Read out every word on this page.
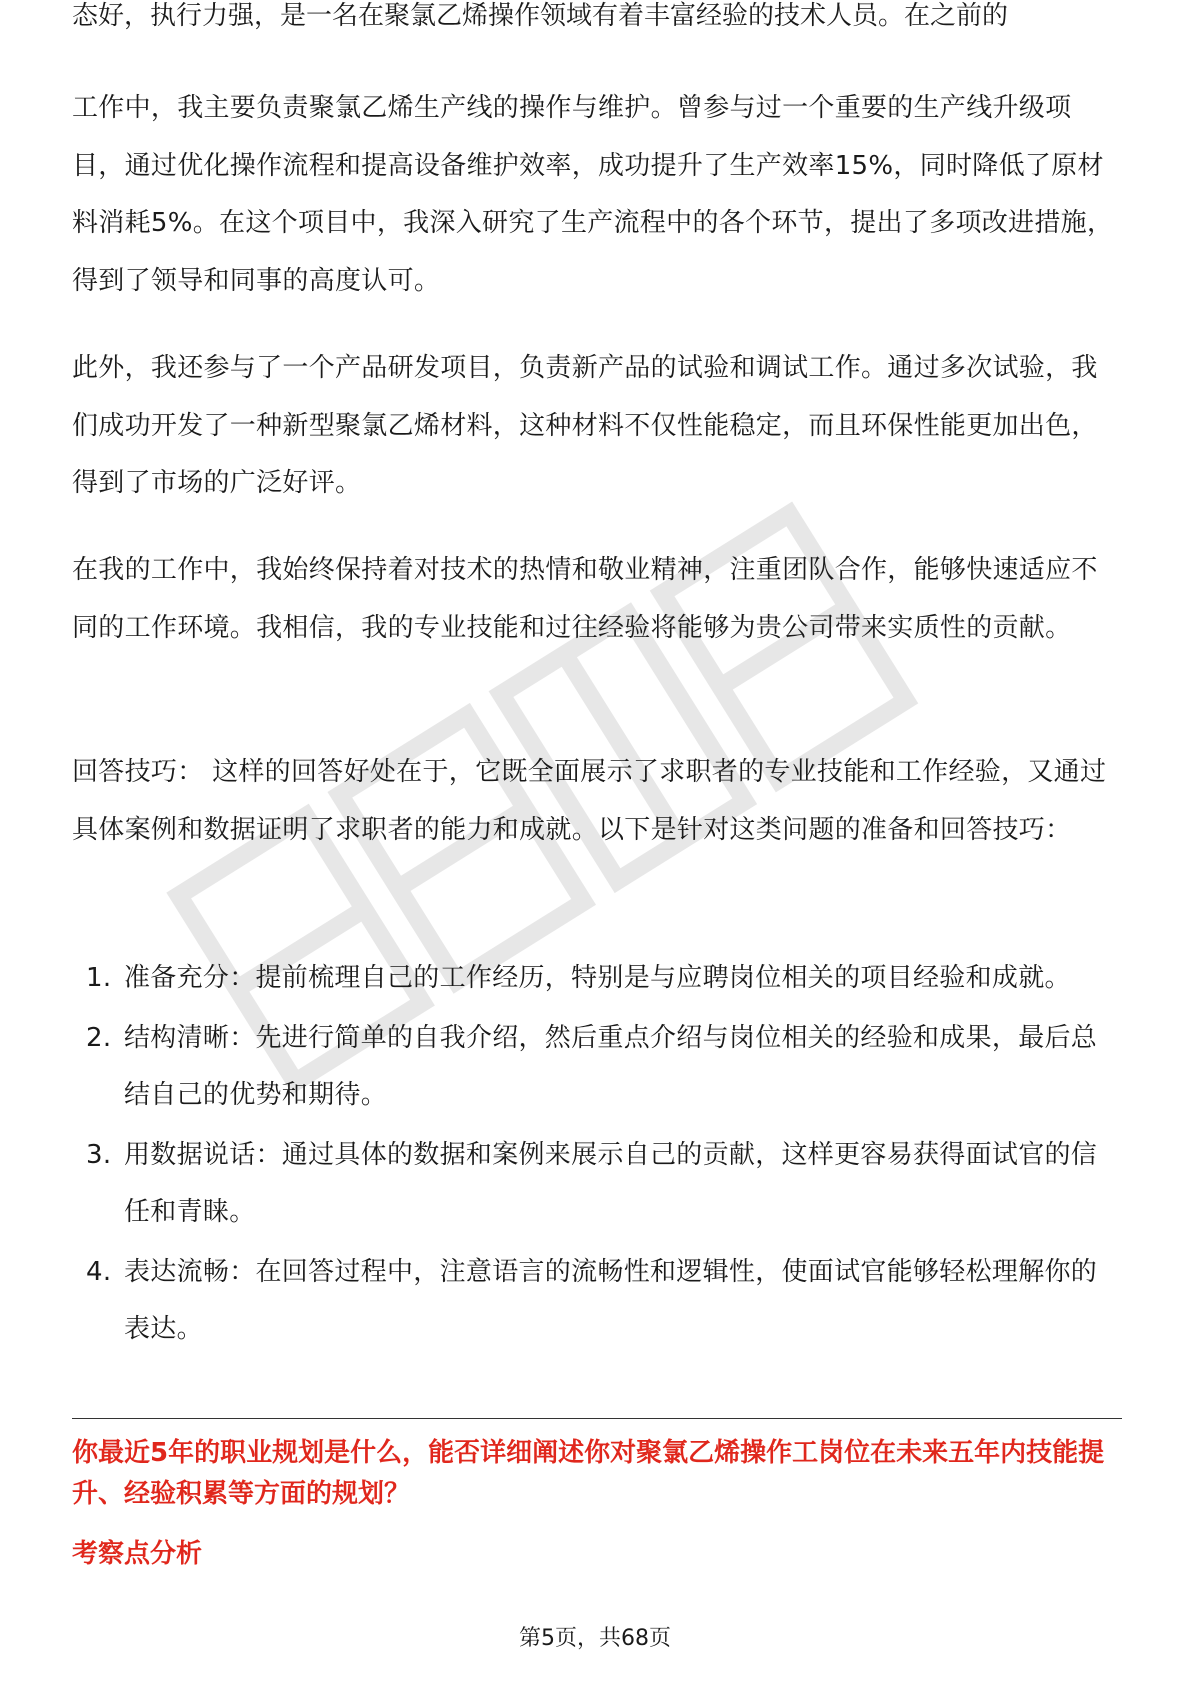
态好，执行力强，是一名在聚氯乙烯操作领域有着丰富经验的技术人员。在之前的

工作中，我主要负责聚氯乙烯生产线的操作与维护。曾参与过一个重要的生产线升级项目，通过优化操作流程和提高设备维护效率，成功提升了生产效率15%，同时降低了原材料消耗5%。在这个项目中，我深入研究了生产流程中的各个环节，提出了多项改进措施，得到了领导和同事的高度认可。

此外，我还参与了一个产品研发项目，负责新产品的试验和调试工作。通过多次试验，我们成功开发了一种新型聚氯乙烯材料，这种材料不仅性能稳定，而且环保性能更加出色，得到了市场的广泛好评。

在我的工作中，我始终保持着对技术的热情和敬业精神，注重团队合作，能够快速适应不同的工作环境。我相信，我的专业技能和过往经验将能够为贵公司带来实质性的贡献。

回答技巧： 这样的回答好处在于，它既全面展示了求职者的专业技能和工作经验，又通过具体案例和数据证明了求职者的能力和成就。以下是针对这类问题的准备和回答技巧：

1. 准备充分：提前梳理自己的工作经历，特别是与应聘岗位相关的项目经验和成就。
2. 结构清晰：先进行简单的自我介绍，然后重点介绍与岗位相关的经验和成果，最后总结自己的优势和期待。
3. 用数据说话：通过具体的数据和案例来展示自己的贡献，这样更容易获得面试官的信任和青睐。
4. 表达流畅：在回答过程中，注意语言的流畅性和逻辑性，使面试官能够轻松理解你的表达。

你最近5年的职业规划是什么，能否详细阐述你对聚氯乙烯操作工岗位在未来五年内技能提升、经验积累等方面的规划？

考察点分析

第5页，共68页
